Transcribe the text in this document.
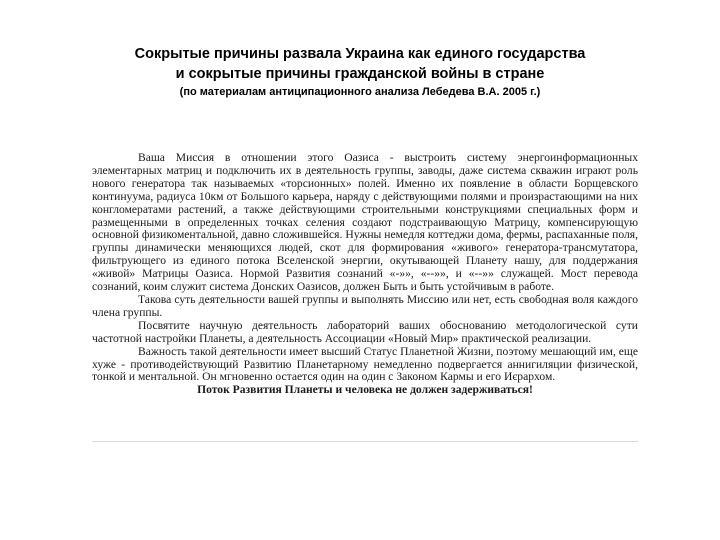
Сокрытые причины развала Украина как единого государства
и сокрытые причины гражданской войны в стране
(по материалам антиципационного анализа Лебедева В.А. 2005 г.)

Ваша Миссия в отношении этого Оазиса - выстроить систему энергоинформационных элементарных матриц и подключить их в деятельность группы, заводы, даже система скважин играют роль нового генератора так называемых «торсионных» полей. Именно их появление в области Борщевского континуума, радиуса 10км от Большого карьера, наряду с действующими полями и произрастающими на них конгломератами растений, а также действующими строительными конструкциями специальных форм и размещенными в определенных точках селения создают подстраивающую Матрицу, компенсирующую основной физикоментальной, давно сложившейся. Нужны немедля коттеджи дома, фермы, распаханные поля, группы динамически меняющихся людей, скот для формирования «живого» генератора-трансмутатора, фильтрующего из единого потока Вселенской энергии, окутывающей Планету нашу, для поддержания «живой» Матрицы Оазиса. Нормой Развития сознаний «-»», «--»», и «--»» служащей. Мост перевода сознаний, коим служит система Донских Оазисов, должен Быть и быть устойчивым в работе.

Такова суть деятельности вашей группы и выполнять Миссию или нет, есть свободная воля каждого члена группы.

Посвятите научную деятельность лабораторий ваших обоснованию методологической сути частотной настройки Планеты, а деятельность Ассоциации «Новый Мир» практической реализации.

Важность такой деятельности имеет высший Статус Планетной Жизни, поэтому мешающий им, еще хуже - противодействующий Развитию Планетарному немедленно подвергается аннигиляции физической, тонкой и ментальной. Он мгновенно остается один на один с Законом Кармы и его Иєрархом.

Поток Развития Планеты и человека не должен задерживаться!
